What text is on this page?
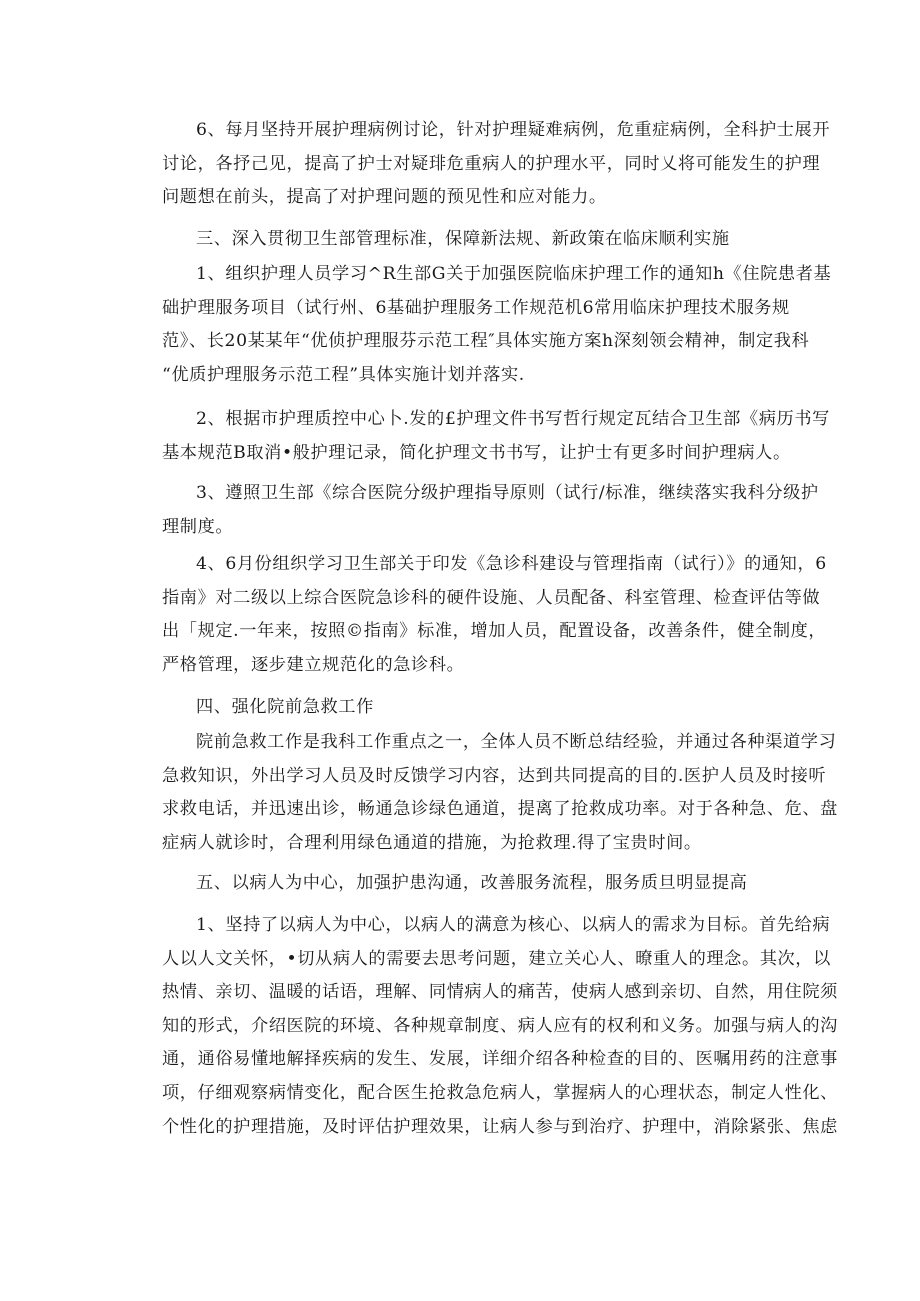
6、每月坚持开展护理病例讨论，针对护理疑难病例，危重症病例，全科护士展开
讨论，各抒己见，提高了护士对疑琲危重病人的护理水平，同时乂将可能发生的护理
问题想在前头，提高了对护理问题的预见性和应对能力。
三、深入贯彻卫生部管理标准，保障新法规、新政策在临床顺利实施
1、组织护理人员学习^R生部G关于加强医院临床护理工作的通知h《住院患者基
础护理服务项目（试行州、6基础护理服务工作规范机6常用临床护理技术服务规
范》、长20某某年“优侦护理服芬示范工程″具体实施方案h深刻领会精神，制定我科
“优质护理服务示范工程”具体实施计划并落实.
2、根据市护理质控中心卜.发的£护理文件书写哲行规定瓦结合卫生部《病历书写
基本规范B取消•般护理记录，简化护理文书书写，让护士有更多时间护理病人。
3、遵照卫生部《综合医院分级护理指导原则（试行/标准，继续落实我科分级护
理制度。
4、6月份组织学习卫生部关于印发《急诊科建设与管理指南（试行）》的通知，6
指南》对二级以上综合医院急诊科的硬件设施、人员配备、科室管理、检查评估等做
出「规定.一年来，按照©指南》标准，增加人员，配置设备，改善条件，健全制度，
严格管理，逐步建立规范化的急诊科。
四、强化院前急救工作
院前急救工作是我科工作重点之一，全体人员不断总结经验，并通过各种渠道学习
急救知识，外出学习人员及时反馈学习内容，达到共同提高的目的.医护人员及时接听
求救电话，并迅速出诊，畅通急诊绿色通道，提离了抢救成功率。对于各种急、危、盘
症病人就诊时，合理利用绿色通道的措施，为抢救理.得了宝贵时间。
五、以病人为中心，加强护患沟通，改善服务流程，服务质旦明显提高
1、坚持了以病人为中心，以病人的满意为核心、以病人的需求为目标。首先给病
人以人文关怀，•切从病人的需要去思考问题，建立关心人、暸重人的理念。其次，以
热情、亲切、温暖的话语，理解、同情病人的痛苦，使病人感到亲切、自然，用住院须
知的形式，介绍医院的环境、各种规章制度、病人应有的权利和义务。加强与病人的沟
通，通俗易懂地解择疾病的发生、发展，详细介绍各种检查的目的、医嘱用药的注意事
项，仔细观察病情变化，配合医生抢救急危病人，掌握病人的心理状态，制定人性化、
个性化的护理措施，及时评估护理效果，让病人参与到治疗、护理中，消除紧张、焦虑
